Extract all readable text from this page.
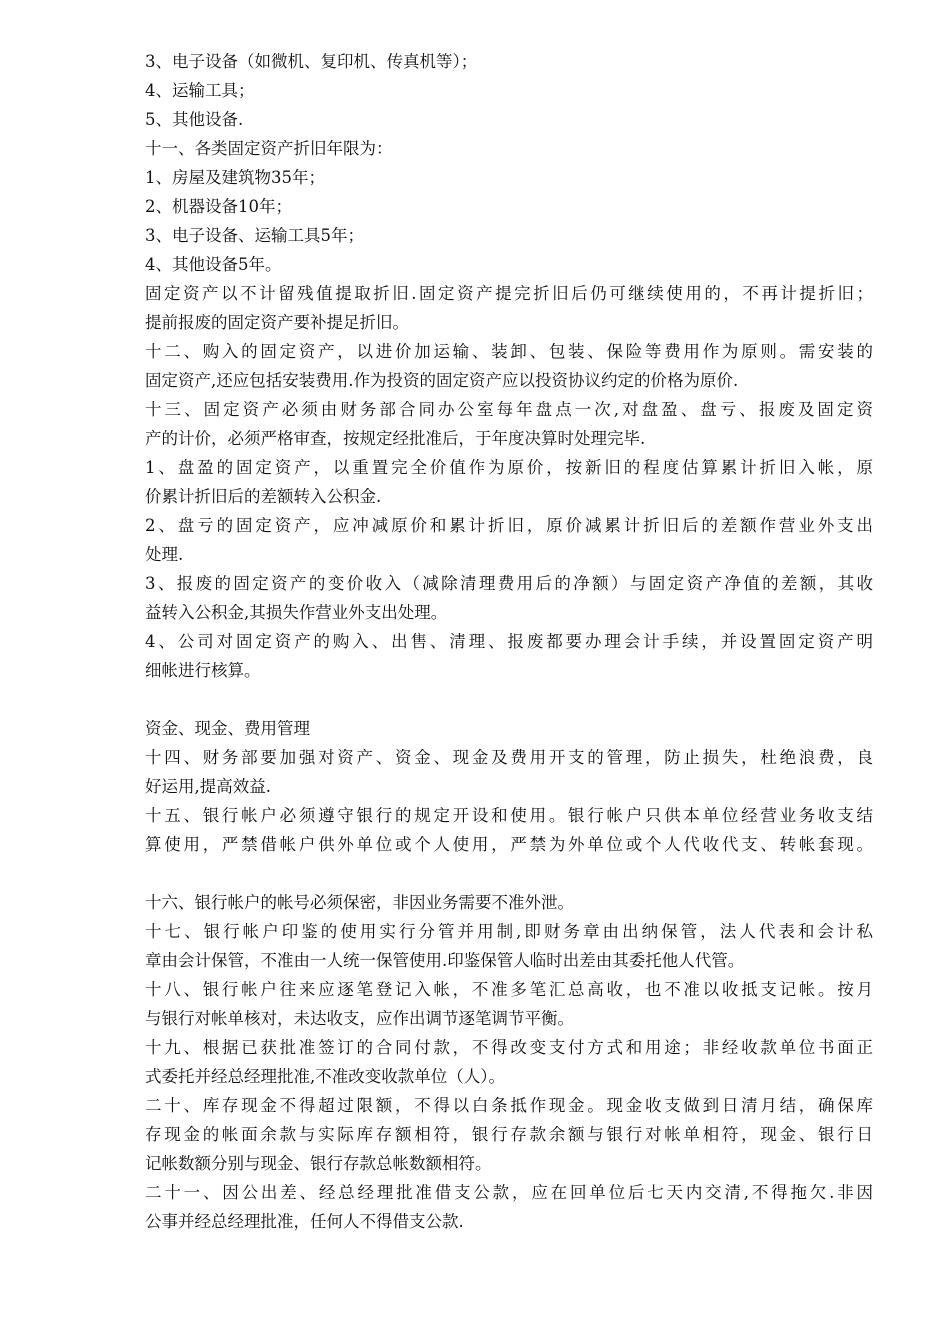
3、电子设备（如微机、复印机、传真机等）；
4、运输工具；
5、其他设备.
十一、各类固定资产折旧年限为：
1、房屋及建筑物35年；
2、机器设备10年；
3、电子设备、运输工具5年；
4、其他设备5年。
固定资产以不计留残值提取折旧.固定资产提完折旧后仍可继续使用的，不再计提折旧；
提前报废的固定资产要补提足折旧。
十二、购入的固定资产，以进价加运输、装卸、包装、保险等费用作为原则。需安装的
固定资产,还应包括安装费用.作为投资的固定资产应以投资协议约定的价格为原价.
十三、固定资产必须由财务部合同办公室每年盘点一次,对盘盈、盘亏、报废及固定资
产的计价，必须严格审查，按规定经批准后，于年度决算时处理完毕.
1、盘盈的固定资产，以重置完全价值作为原价，按新旧的程度估算累计折旧入帐，原
价累计折旧后的差额转入公积金.
2、盘亏的固定资产，应冲减原价和累计折旧，原价减累计折旧后的差额作营业外支出
处理.
3、报废的固定资产的变价收入（减除清理费用后的净额）与固定资产净值的差额，其收
益转入公积金,其损失作营业外支出处理。
4、公司对固定资产的购入、出售、清理、报废都要办理会计手续，并设置固定资产明
细帐进行核算。
资金、现金、费用管理
十四、财务部要加强对资产、资金、现金及费用开支的管理，防止损失，杜绝浪费，良
好运用,提高效益.
十五、银行帐户必须遵守银行的规定开设和使用。银行帐户只供本单位经营业务收支结
算使用，严禁借帐户供外单位或个人使用，严禁为外单位或个人代收代支、转帐套现。
十六、银行帐户的帐号必须保密，非因业务需要不准外泄。
十七、银行帐户印鉴的使用实行分管并用制,即财务章由出纳保管，法人代表和会计私
章由会计保管，不准由一人统一保管使用.印鉴保管人临时出差由其委托他人代管。
十八、银行帐户往来应逐笔登记入帐，不准多笔汇总高收，也不准以收抵支记帐。按月
与银行对帐单核对，未达收支，应作出调节逐笔调节平衡。
十九、根据已获批准签订的合同付款，不得改变支付方式和用途；非经收款单位书面正
式委托并经总经理批准,不准改变收款单位（人）。
二十、库存现金不得超过限额，不得以白条抵作现金。现金收支做到日清月结，确保库
存现金的帐面余款与实际库存额相符，银行存款余额与银行对帐单相符，现金、银行日
记帐数额分别与现金、银行存款总帐数额相符。
二十一、因公出差、经总经理批准借支公款，应在回单位后七天内交清,不得拖欠.非因
公事并经总经理批准，任何人不得借支公款.
